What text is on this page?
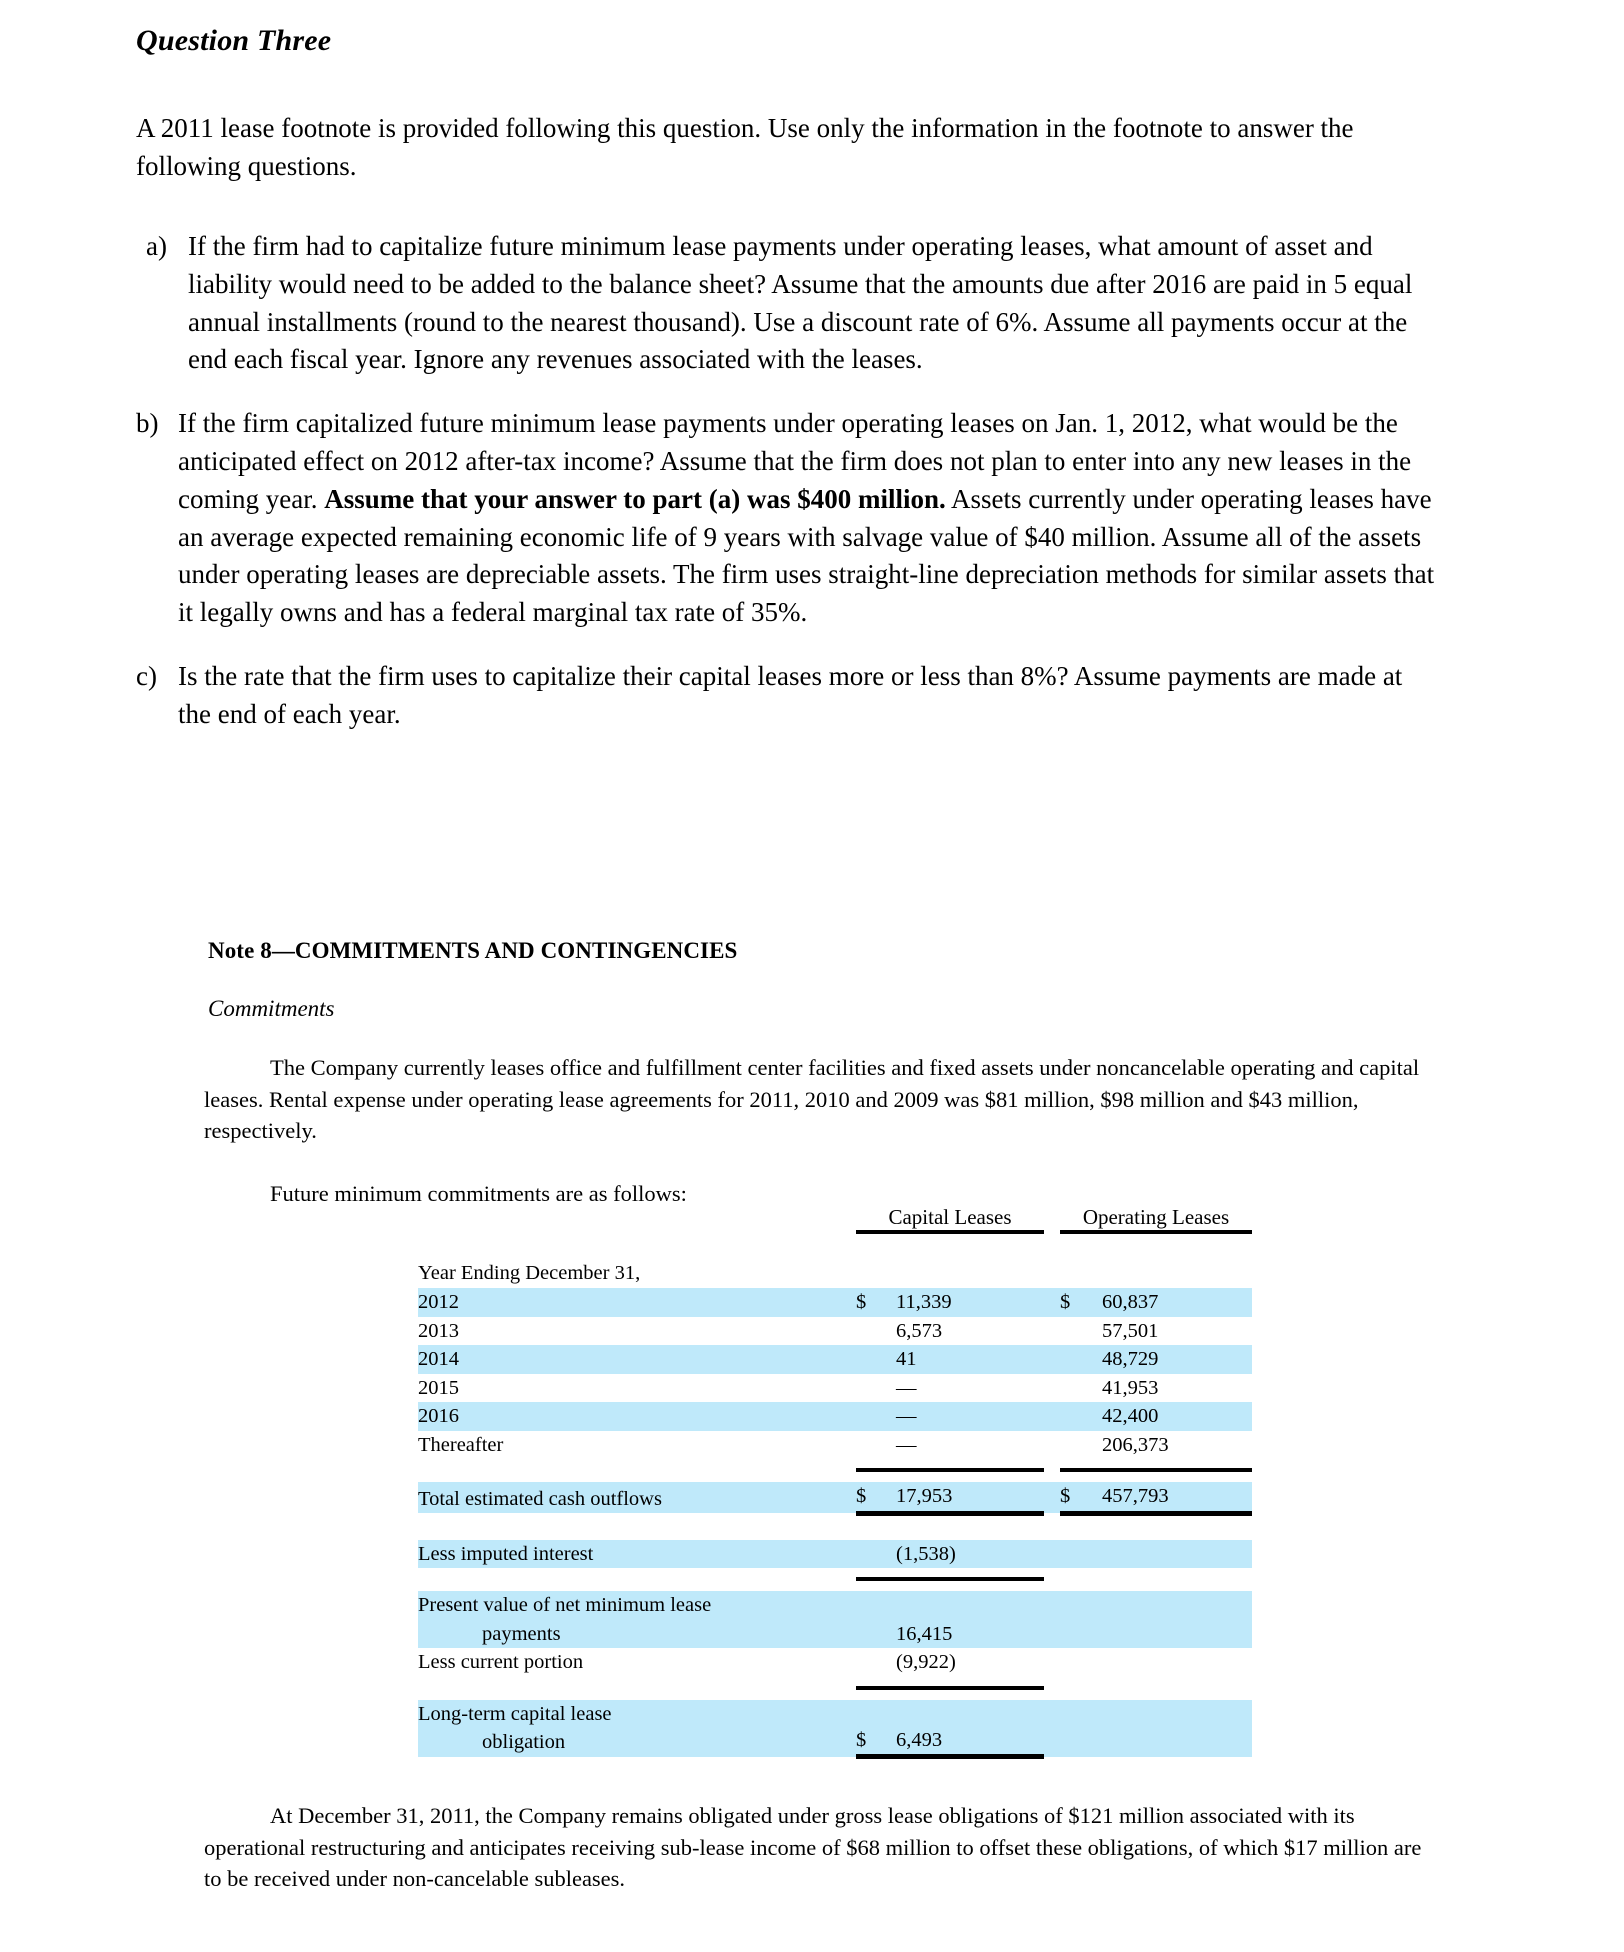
Question Three
A 2011 lease footnote is provided following this question. Use only the information in the footnote to answer the following questions.
a) If the firm had to capitalize future minimum lease payments under operating leases, what amount of asset and liability would need to be added to the balance sheet? Assume that the amounts due after 2016 are paid in 5 equal annual installments (round to the nearest thousand). Use a discount rate of 6%. Assume all payments occur at the end each fiscal year. Ignore any revenues associated with the leases.
b) If the firm capitalized future minimum lease payments under operating leases on Jan. 1, 2012, what would be the anticipated effect on 2012 after-tax income? Assume that the firm does not plan to enter into any new leases in the coming year. Assume that your answer to part (a) was $400 million. Assets currently under operating leases have an average expected remaining economic life of 9 years with salvage value of $40 million. Assume all of the assets under operating leases are depreciable assets. The firm uses straight-line depreciation methods for similar assets that it legally owns and has a federal marginal tax rate of 35%.
c) Is the rate that the firm uses to capitalize their capital leases more or less than 8%? Assume payments are made at the end of each year.
Note 8—COMMITMENTS AND CONTINGENCIES
Commitments
The Company currently leases office and fulfillment center facilities and fixed assets under noncancelable operating and capital leases. Rental expense under operating lease agreements for 2011, 2010 and 2009 was $81 million, $98 million and $43 million, respectively.
Future minimum commitments are as follows:
		Capital Leases			Operating Leases	

Year Ending December 31,						
2012		$	11,339		$	60,837
2013			6,573			57,501
2014			41			48,729
2015			—			41,953
2016			—			42,400
Thereafter			—			206,373

Total estimated cash outflows		$	17,953		$	457,793

Less imputed interest			(1,538)			

Present value of net minimum lease
payments			16,415			
Less current portion			(9,922)			

Long-term capital lease
obligation		$	6,493			

At December 31, 2011, the Company remains obligated under gross lease obligations of $121 million associated with its operational restructuring and anticipates receiving sub-lease income of $68 million to offset these obligations, of which $17 million are to be received under non-cancelable subleases.
